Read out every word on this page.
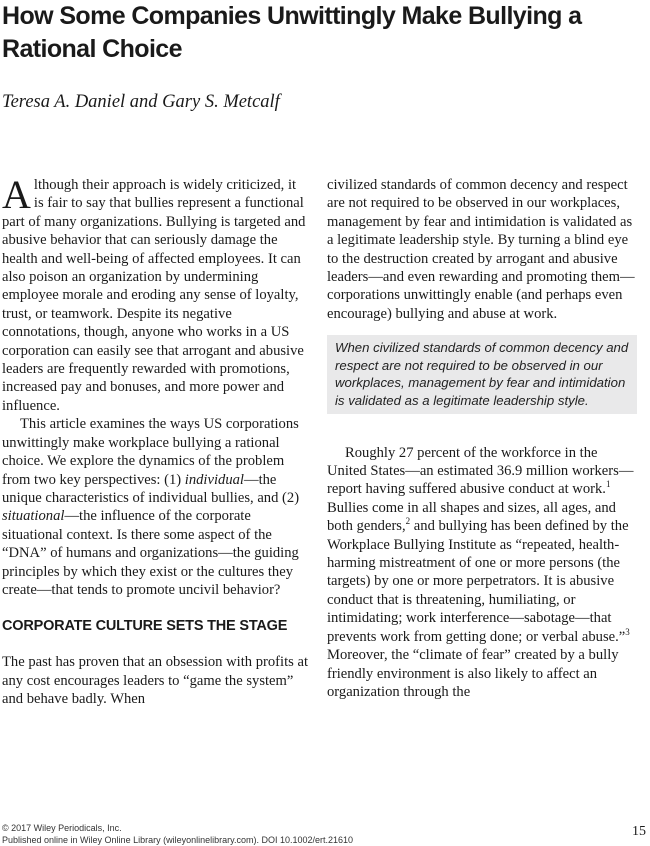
How Some Companies Unwittingly Make Bullying a Rational Choice
Teresa A. Daniel and Gary S. Metcalf

Although their approach is widely criticized, it is fair to say that bullies represent a functional part of many organizations. Bullying is targeted and abusive behavior that can seriously damage the health and well-being of affected employees. It can also poison an organization by undermining employee morale and eroding any sense of loyalty, trust, or teamwork. Despite its negative connotations, though, anyone who works in a US corporation can easily see that arrogant and abusive leaders are frequently rewarded with promotions, increased pay and bonuses, and more power and influence.

This article examines the ways US corporations unwittingly make workplace bullying a rational choice. We explore the dynamics of the problem from two key perspectives: (1) individual—the unique characteristics of individual bullies, and (2) situational—the influence of the corporate situational context. Is there some aspect of the “DNA” of humans and organizations—the guiding principles by which they exist or the cultures they create—that tends to promote uncivil behavior?

CORPORATE CULTURE SETS THE STAGE

The past has proven that an obsession with profits at any cost encourages leaders to “game the system” and behave badly. When

civilized standards of common decency and respect are not required to be observed in our workplaces, management by fear and intimidation is validated as a legitimate leadership style. By turning a blind eye to the destruction created by arrogant and abusive leaders—and even rewarding and promoting them—corporations unwittingly enable (and perhaps even encourage) bullying and abuse at work.

When civilized standards of common decency and respect are not required to be observed in our workplaces, management by fear and intimidation is validated as a legitimate leadership style.

Roughly 27 percent of the workforce in the United States—an estimated 36.9 million workers—report having suffered abusive conduct at work.$^1$ Bullies come in all shapes and sizes, all ages, and both genders,$^2$ and bullying has been defined by the Workplace Bullying Institute as “repeated, health-harming mistreatment of one or more persons (the targets) by one or more perpetrators. It is abusive conduct that is threatening, humiliating, or intimidating; work interference—sabotage—that prevents work from getting done; or verbal abuse.”$^3$ Moreover, the “climate of fear” created by a bully friendly environment is also likely to affect an organization through the

© 2017 Wiley Periodicals, Inc.
Published online in Wiley Online Library (wileyonlinelibrary.com). DOI 10.1002/ert.21610
15
